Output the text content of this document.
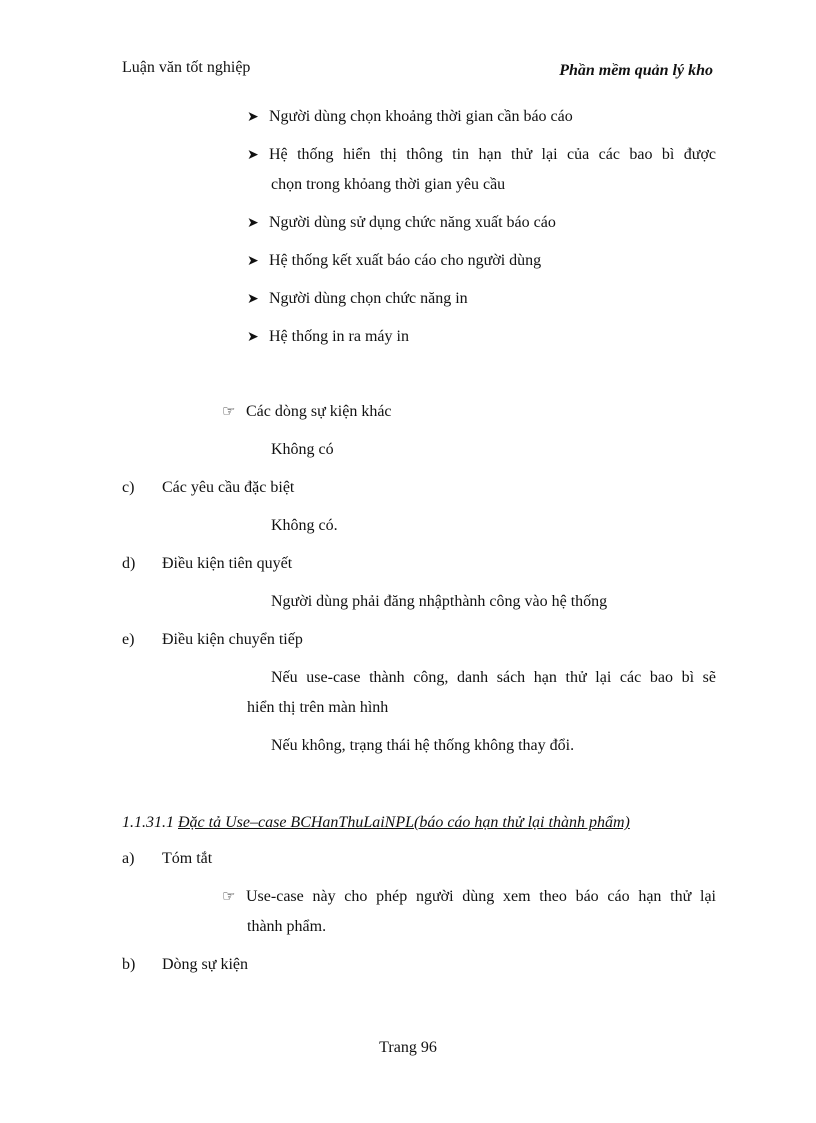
Luận văn tốt nghiệp	Phần mềm quản lý kho
➤ Người dùng chọn khoảng thời gian cần báo cáo
➤ Hệ thống hiển thị thông tin hạn thử lại của các bao bì được
chọn trong khỏang thời gian yêu cầu
➤ Người dùng sử dụng chức năng xuất báo cáo
➤ Hệ thống kết xuất báo cáo cho người dùng
➤ Người dùng chọn chức năng in
➤ Hệ thống in ra máy in
☞ Các dòng sự kiện khác
Không có
c)	Các yêu cầu đặc biệt
Không có.
d)	Điều kiện tiên quyết
Người dùng phải đăng nhậpthành công vào hệ thống
e)	Điều kiện chuyển tiếp
Nếu use-case thành công, danh sách hạn thử lại các bao bì sẽ
hiển thị trên màn hình
Nếu không, trạng thái hệ thống không thay đổi.
1.1.31.1 Đặc tả Use–case BCHanThuLaiNPL(báo cáo hạn thử lại thành phẩm)
a)	Tóm tắt
☞ Use-case này cho phép người dùng xem theo báo cáo hạn thử lại
thành phẩm.
b)	Dòng sự kiện
Trang 96
